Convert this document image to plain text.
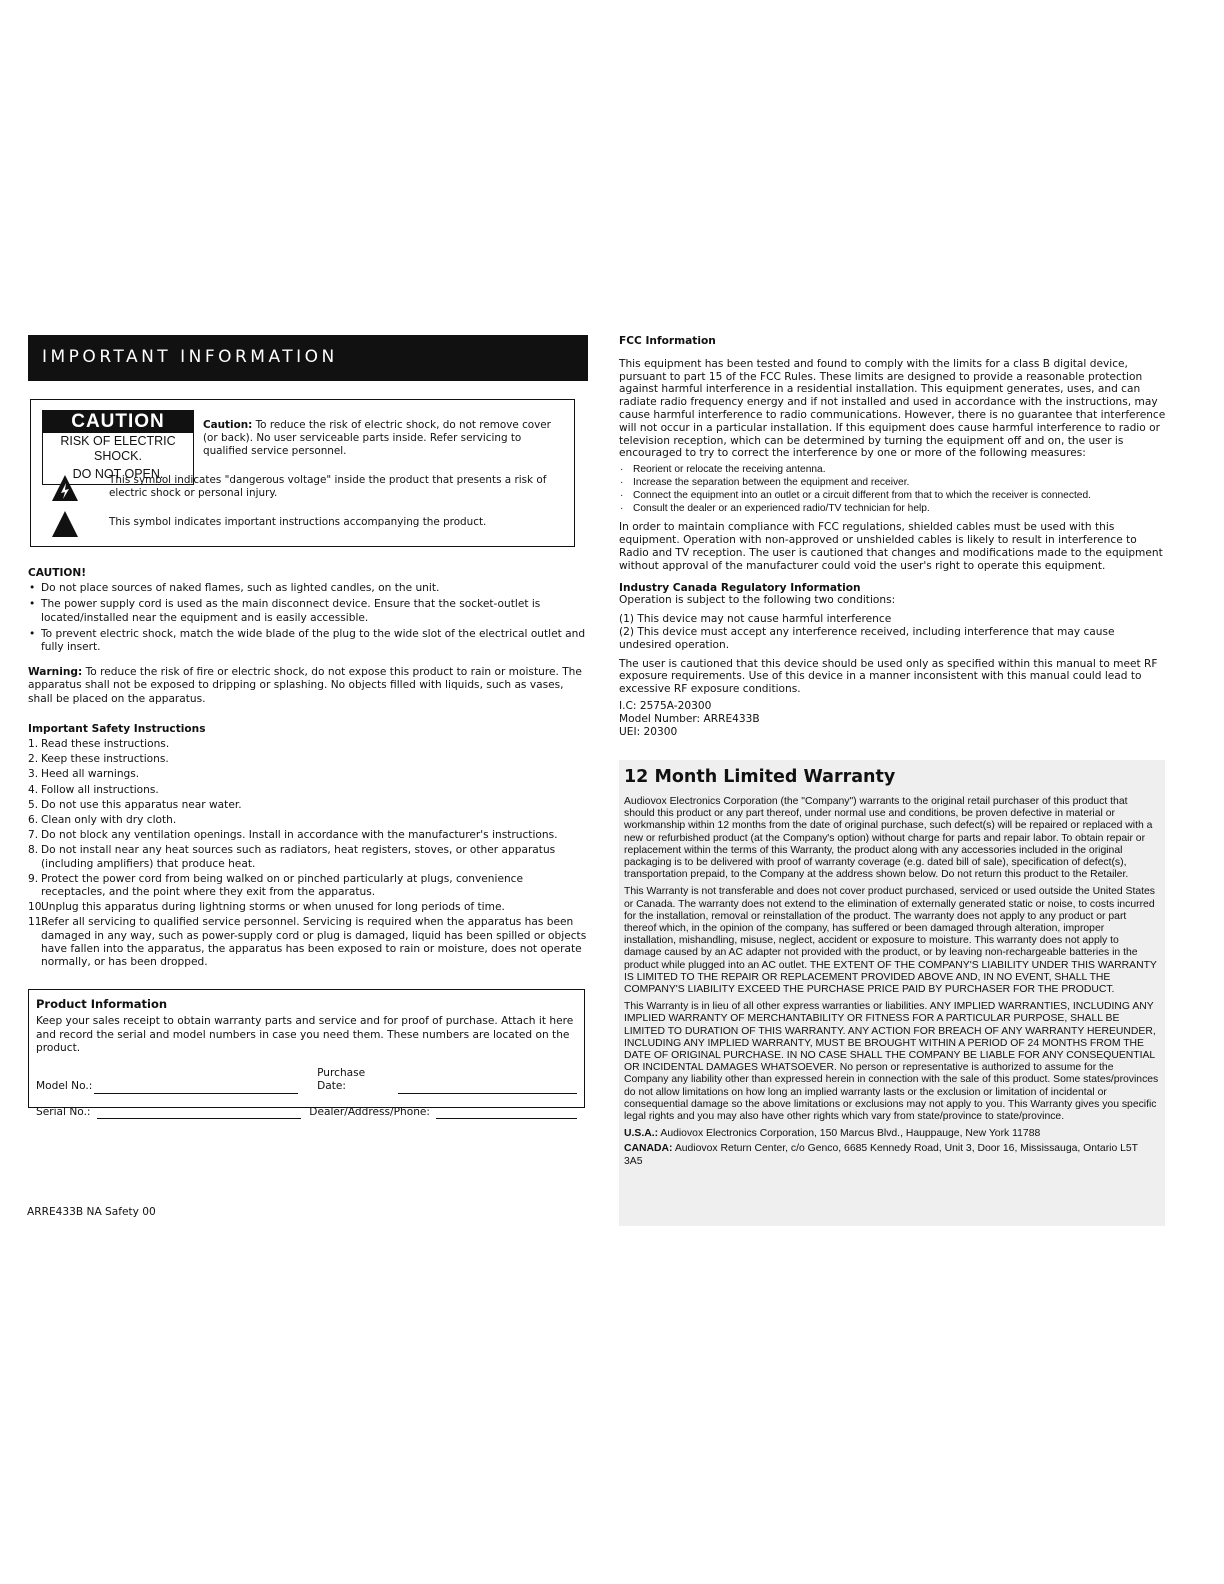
IMPORTANT INFORMATION
CAUTION
RISK OF ELECTRIC SHOCK.
DO NOT OPEN.
Caution: To reduce the risk of electric shock, do not remove cover (or back). No user serviceable parts inside. Refer servicing to qualified service personnel.
This symbol indicates "dangerous voltage" inside the product that presents a risk of electric shock or personal injury.
This symbol indicates important instructions accompanying the product.
CAUTION!
• Do not place sources of naked flames, such as lighted candles, on the unit.
• The power supply cord is used as the main disconnect device. Ensure that the socket-outlet is located/installed near the equipment and is easily accessible.
• To prevent electric shock, match the wide blade of the plug to the wide slot of the electrical outlet and fully insert.
Warning: To reduce the risk of fire or electric shock, do not expose this product to rain or moisture. The apparatus shall not be exposed to dripping or splashing. No objects filled with liquids, such as vases, shall be placed on the apparatus.
Important Safety Instructions
1. Read these instructions.
2. Keep these instructions.
3. Heed all warnings.
4. Follow all instructions.
5. Do not use this apparatus near water.
6. Clean only with dry cloth.
7. Do not block any ventilation openings. Install in accordance with the manufacturer's instructions.
8. Do not install near any heat sources such as radiators, heat registers, stoves, or other apparatus (including amplifiers) that produce heat.
9. Protect the power cord from being walked on or pinched particularly at plugs, convenience receptacles, and the point where they exit from the apparatus.
10.
Unplug this apparatus during lightning storms or when unused for long periods of time.
11.
Refer all servicing to qualified service personnel. Servicing is required when the apparatus has been damaged in any way, such as power-supply cord or plug is damaged, liquid has been spilled or objects have fallen into the apparatus, the apparatus has been exposed to rain or moisture, does not operate normally, or has been dropped.
Product Information
Keep your sales receipt to obtain warranty parts and service and for proof of purchase. Attach it here and record the serial and model numbers in case you need them. These numbers are located on the product.
Model No.:
Purchase Date:
Serial No.:	Dealer/Address/Phone:
ARRE433B NA Safety 00
FCC Information

This equipment has been tested and found to comply with the limits for a class B digital device, pursuant to part 15 of the FCC Rules. These limits are designed to provide a reasonable protection against harmful interference in a residential installation. This equipment generates, uses, and can radiate radio frequency energy and if not installed and used in accordance with the instructions, may cause harmful interference to radio communications. However, there is no guarantee that interference will not occur in a particular installation. If this equipment does cause harmful interference to radio or television reception, which can be determined by turning the equipment off and on, the user is encouraged to try to correct the interference by one or more of the following measures:

· Reorient or relocate the receiving antenna.
· Increase the separation between the equipment and receiver.
· Connect the equipment into an outlet or a circuit different from that to which the receiver is connected.
· Consult the dealer or an experienced radio/TV technician for help.

In order to maintain compliance with FCC regulations, shielded cables must be used with this equipment. Operation with non-approved or unshielded cables is likely to result in interference to Radio and TV reception. The user is cautioned that changes and modifications made to the equipment without approval of the manufacturer could void the user's right to operate this equipment.

Industry Canada Regulatory Information

Operation is subject to the following two conditions:

(1) This device may not cause harmful interference

(2) This device must accept any interference received, including interference that may cause undesired operation.

The user is cautioned that this device should be used only as specified within this manual to meet RF exposure requirements. Use of this device in a manner inconsistent with this manual could lead to excessive RF exposure conditions.

I.C: 2575A-20300

Model Number: ARRE433B

UEI: 20300

12 Month Limited Warranty

Audiovox Electronics Corporation (the "Company") warrants to the original retail purchaser of this product that should this product or any part thereof, under normal use and conditions, be proven defective in material or workmanship within 12 months from the date of original purchase, such defect(s) will be repaired or replaced with a new or refurbished product (at the Company's option) without charge for parts and repair labor. To obtain repair or replacement within the terms of this Warranty, the product along with any accessories included in the original packaging is to be delivered with proof of warranty coverage (e.g. dated bill of sale), specification of defect(s), transportation prepaid, to the Company at the address shown below. Do not return this product to the Retailer.

This Warranty is not transferable and does not cover product purchased, serviced or used outside the United States or Canada. The warranty does not extend to the elimination of externally generated static or noise, to costs incurred for the installation, removal or reinstallation of the product. The warranty does not apply to any product or part thereof which, in the opinion of the company, has suffered or been damaged through alteration, improper installation, mishandling, misuse, neglect, accident or exposure to moisture. This warranty does not apply to damage caused by an AC adapter not provided with the product, or by leaving non-rechargeable batteries in the product while plugged into an AC outlet. THE EXTENT OF THE COMPANY'S LIABILITY UNDER THIS WARRANTY IS LIMITED TO THE REPAIR OR REPLACEMENT PROVIDED ABOVE AND, IN NO EVENT, SHALL THE COMPANY'S LIABILITY EXCEED THE PURCHASE PRICE PAID BY PURCHASER FOR THE PRODUCT.

This Warranty is in lieu of all other express warranties or liabilities. ANY IMPLIED WARRANTIES, INCLUDING ANY IMPLIED WARRANTY OF MERCHANTABILITY OR FITNESS FOR A PARTICULAR PURPOSE, SHALL BE LIMITED TO DURATION OF THIS WARRANTY. ANY ACTION FOR BREACH OF ANY WARRANTY HEREUNDER, INCLUDING ANY IMPLIED WARRANTY, MUST BE BROUGHT WITHIN A PERIOD OF 24 MONTHS FROM THE DATE OF ORIGINAL PURCHASE. IN NO CASE SHALL THE COMPANY BE LIABLE FOR ANY CONSEQUENTIAL OR INCIDENTAL DAMAGES WHATSOEVER. No person or representative is authorized to assume for the Company any liability other than expressed herein in connection with the sale of this product. Some states/provinces do not allow limitations on how long an implied warranty lasts or the exclusion or limitation of incidental or consequential damage so the above limitations or exclusions may not apply to you. This Warranty gives you specific legal rights and you may also have other rights which vary from state/province to state/province.

U.S.A.: Audiovox Electronics Corporation, 150 Marcus Blvd., Hauppauge, New York 11788

CANADA: Audiovox Return Center, c/o Genco, 6685 Kennedy Road, Unit 3, Door 16, Mississauga, Ontario L5T 3A5
